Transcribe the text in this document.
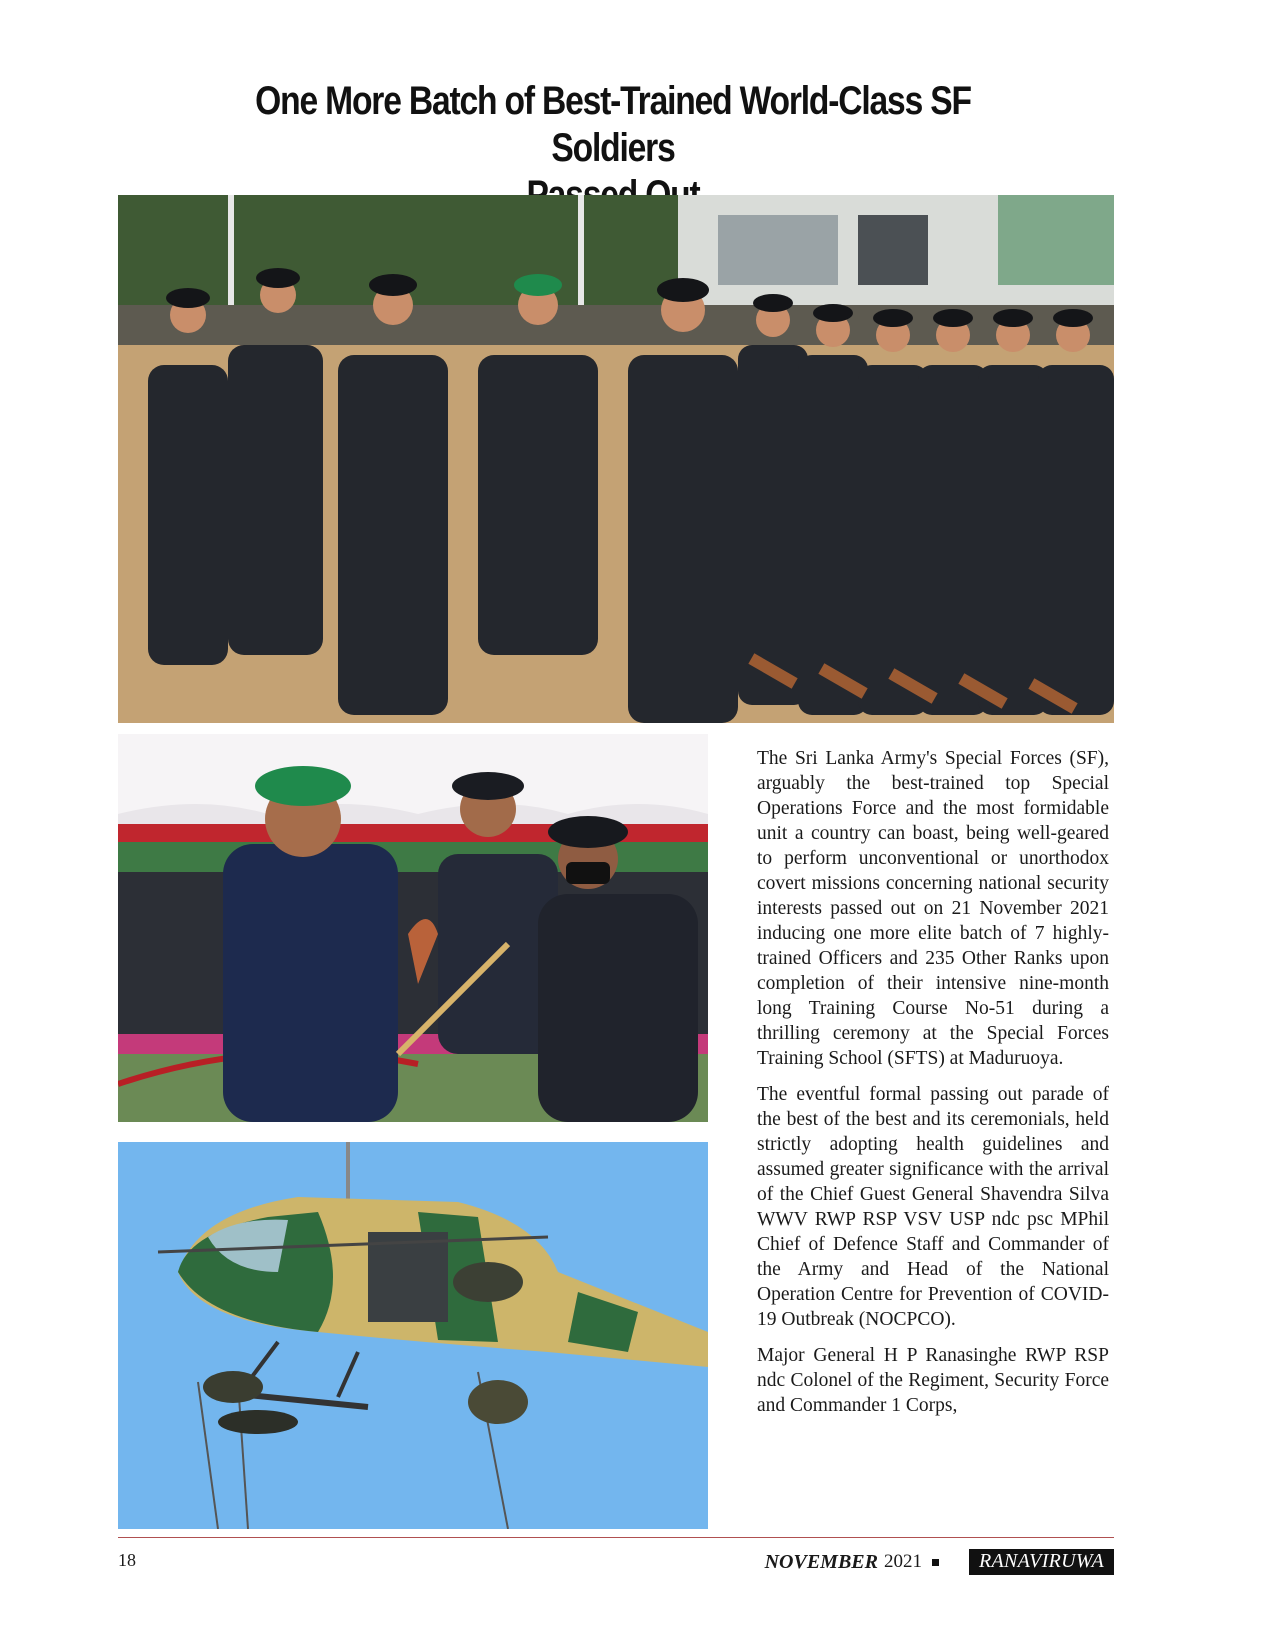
One More Batch of Best-Trained World-Class SF Soldiers

The Sri Lanka Army's Special Forces (SF), arguably the best-trained top Special Operations Force and the most formidable unit a country can boast, being well-geared to perform unconventional or unorthodox covert missions concerning national security interests passed out on 21 November 2021 inducing one more elite batch of 7 highly-trained Officers and 235 Other Ranks upon completion of their intensive nine-month long Training Course No-51 during a thrilling ceremony at the Special Forces Training School (SFTS) at Maduruoya.

The eventful formal passing out parade of the best of the best and its ceremonials, held strictly adopting health guidelines and assumed greater significance with the arrival of the Chief Guest General Shavendra Silva WWV RWP RSP VSV USP ndc psc MPhil Chief of Defence Staff and Commander of the Army and Head of the National Operation Centre for Prevention of COVID-19 Outbreak (NOCPCO).

Major General H P Ranasinghe RWP RSP ndc Colonel of the Regiment, Security Force and Commander 1 Corps,

18	NOVEMBER 2021	RANAVIRUWA
